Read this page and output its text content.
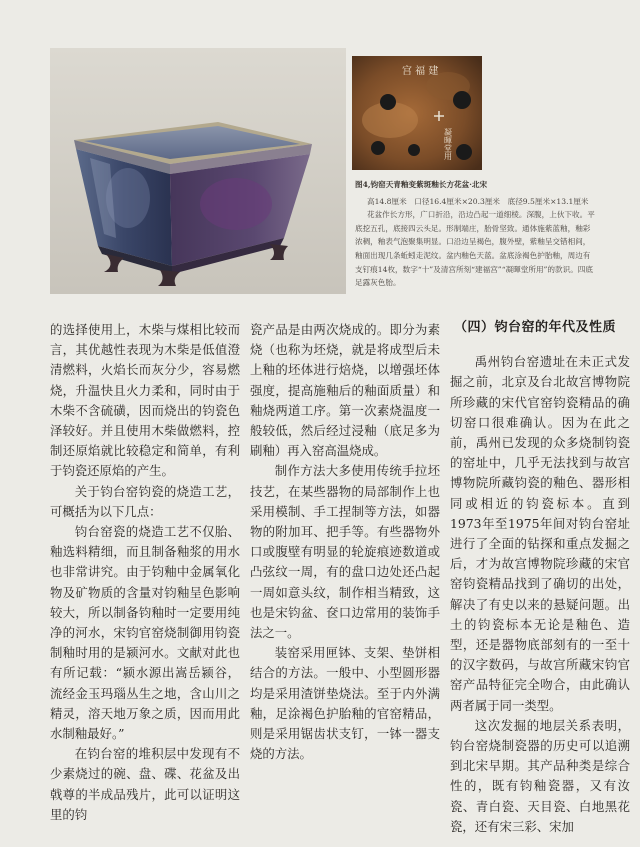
宫 福 建
凝暉堂用
图4,钧窑天青釉变紫斑釉长方花盆·北宋
高14.8厘米　口径16.4厘米×20.3厘米　底径9.5厘米×13.1厘米
花盆作长方形，广口折沿，沿边凸起一道细棱。深腹，上伙下收。平底挖五孔，底接四云头足。形制端庄，胎骨坚致。通体施紫蓝釉，釉彩浓稠，釉表气泡聚集明显。口沿边呈褐色，腹外壁，紫釉呈交错相间，釉面出现几条蚯蚓走泥纹。盆内釉色天蓝。盆底涂褐色护胎釉，周边有支钉痕14枚，数字“十”及清宫所刻“建福宫”“凝暉堂所用”的款识。四底足露灰色胎。

的选择使用上，木柴与煤相比较而言，其优越性表现为木柴是低值澄清燃料，火焰长而灰分少，容易燃烧，升温快且火力柔和，同时由于木柴不含硫磺，因而烧出的钧瓷色泽较好。并且使用木柴做燃料，控制还原焰就比较稳定和简单，有利于钧瓷还原焰的产生。

关于钧台窑钧瓷的烧造工艺，可概括为以下几点：

钧台窑瓷的烧造工艺不仅胎、釉选料精细，而且制备釉浆的用水也非常讲究。由于钧釉中金属氧化物及矿物质的含量对钧釉呈色影响较大，所以制备钧釉时一定要用纯净的河水，宋钧官窑烧制御用钧瓷制釉时用的是颍河水。文献对此也有所记载：“颍水源出嵩岳颍谷，流经金玉玛瑙丛生之地，含山川之精灵，溶天地万象之质，因而用此水制釉最好。”

在钧台窑的堆积层中发现有不少素烧过的碗、盘、碟、花盆及出戟尊的半成品残片，此可以证明这里的钧

瓷产品是由两次烧成的。即分为素烧（也称为坯烧，就是将成型后未上釉的坯体进行焙烧，以增强坯体强度，提高施釉后的釉面质量）和釉烧两道工序。第一次素烧温度一般较低，然后经过浸釉（底足多为刷釉）再入窑高温烧成。

制作方法大多使用传统手拉坯技艺，在某些器物的局部制作上也采用模制、手工捏制等方法，如器物的附加耳、把手等。有些器物外口或腹壁有明显的轮旋痕迹数道或凸弦纹一周，有的盘口边处还凸起一周如意头纹，制作相当精致，这也是宋钧盆、奁口边常用的装饰手法之一。

装窑采用匣钵、支架、垫饼相结合的方法。一般中、小型圆形器均是采用渣饼垫烧法。至于内外满釉，足涂褐色护胎釉的官窑精品，则是采用锯齿状支钉，一钵一器支烧的方法。

（四）钧台窑的年代及性质

禹州钧台窑遗址在未正式发掘之前，北京及台北故宫博物院所珍藏的宋代官窑钧瓷精品的确切窑口很难确认。因为在此之前，禹州已发现的众多烧制钧瓷的窑址中，几乎无法找到与故宫博物院所藏钧瓷的釉色、器形相同或相近的钧瓷标本。直到1973年至1975年间对钧台窑址进行了全面的钻探和重点发掘之后，才为故宫博物院珍藏的宋官窑钧瓷精品找到了确切的出处，解决了有史以来的悬疑问题。出土的钧瓷标本无论是釉色、造型，还是器物底部刻有的一至十的汉字数码，与故宫所藏宋钧官窑产品特征完全吻合，由此确认两者属于同一类型。

这次发掘的地层关系表明，钧台窑烧制瓷器的历史可以追溯到北宋早期。其产品种类是综合性的，既有钧釉瓷器，又有汝瓷、青白瓷、天目瓷、白地黑花瓷，还有宋三彩、宋加
